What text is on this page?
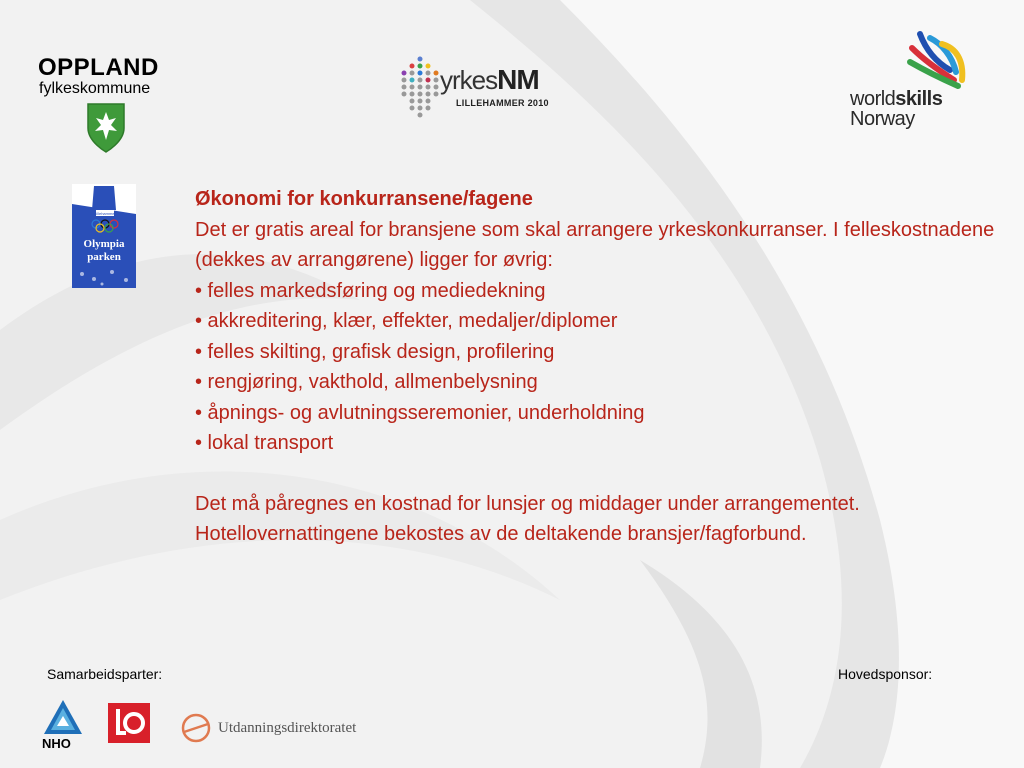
OPPLAND
fylkeskommune	yrkesNM
LILLEHAMMER 2010	worldskills
Norway
Lillehammer
Olympia
parken
Økonomi for konkurransene/fagene
Det er gratis areal for bransjene som skal arrangere yrkeskonkurranser. I felleskostnadene (dekkes av arrangørene) ligger for øvrig:
• felles markedsføring og mediedekning
• akkreditering, klær, effekter, medaljer/diplomer
• felles skilting, grafisk design, profilering
• rengjøring, vakthold, allmenbelysning
• åpnings- og avlutningsseremonier, underholdning
• lokal transport
Det må påregnes en kostnad for lunsjer og middager under arrangementet.
Hotellovernattingene bekostes av de deltakende bransjer/fagforbund.
Samarbeidsparter:	Hovedsponsor:
NHO
Utdanningsdirektoratet
